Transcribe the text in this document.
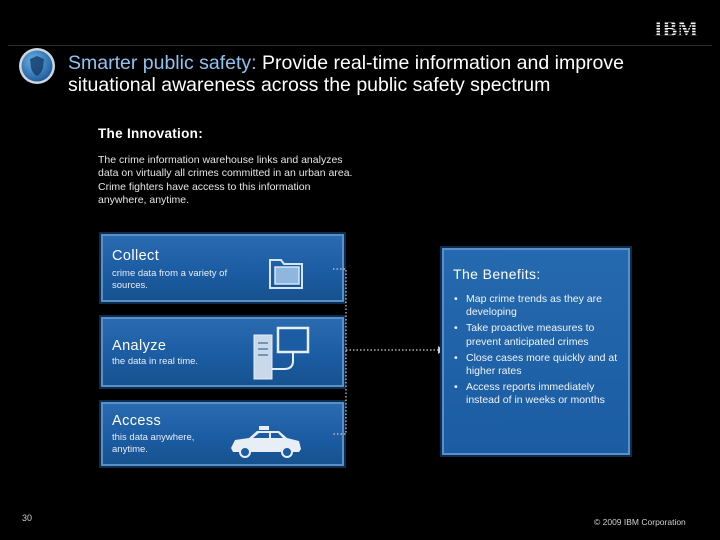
IBM
Smarter public safety: Provide real-time information and improve situational awareness across the public safety spectrum
The Innovation:
The crime information warehouse links and analyzes data on virtually all crimes committed in an urban area. Crime fighters have access to this information anywhere, anytime.
Collect
crime data from a variety of sources.
Analyze
the data in real time.
Access
this data anywhere, anytime.
The Benefits:
• Map crime trends as they are developing
• Take proactive measures to prevent anticipated crimes
• Close cases more quickly and at higher rates
• Access reports immediately instead of in weeks or months
30	© 2009 IBM Corporation
